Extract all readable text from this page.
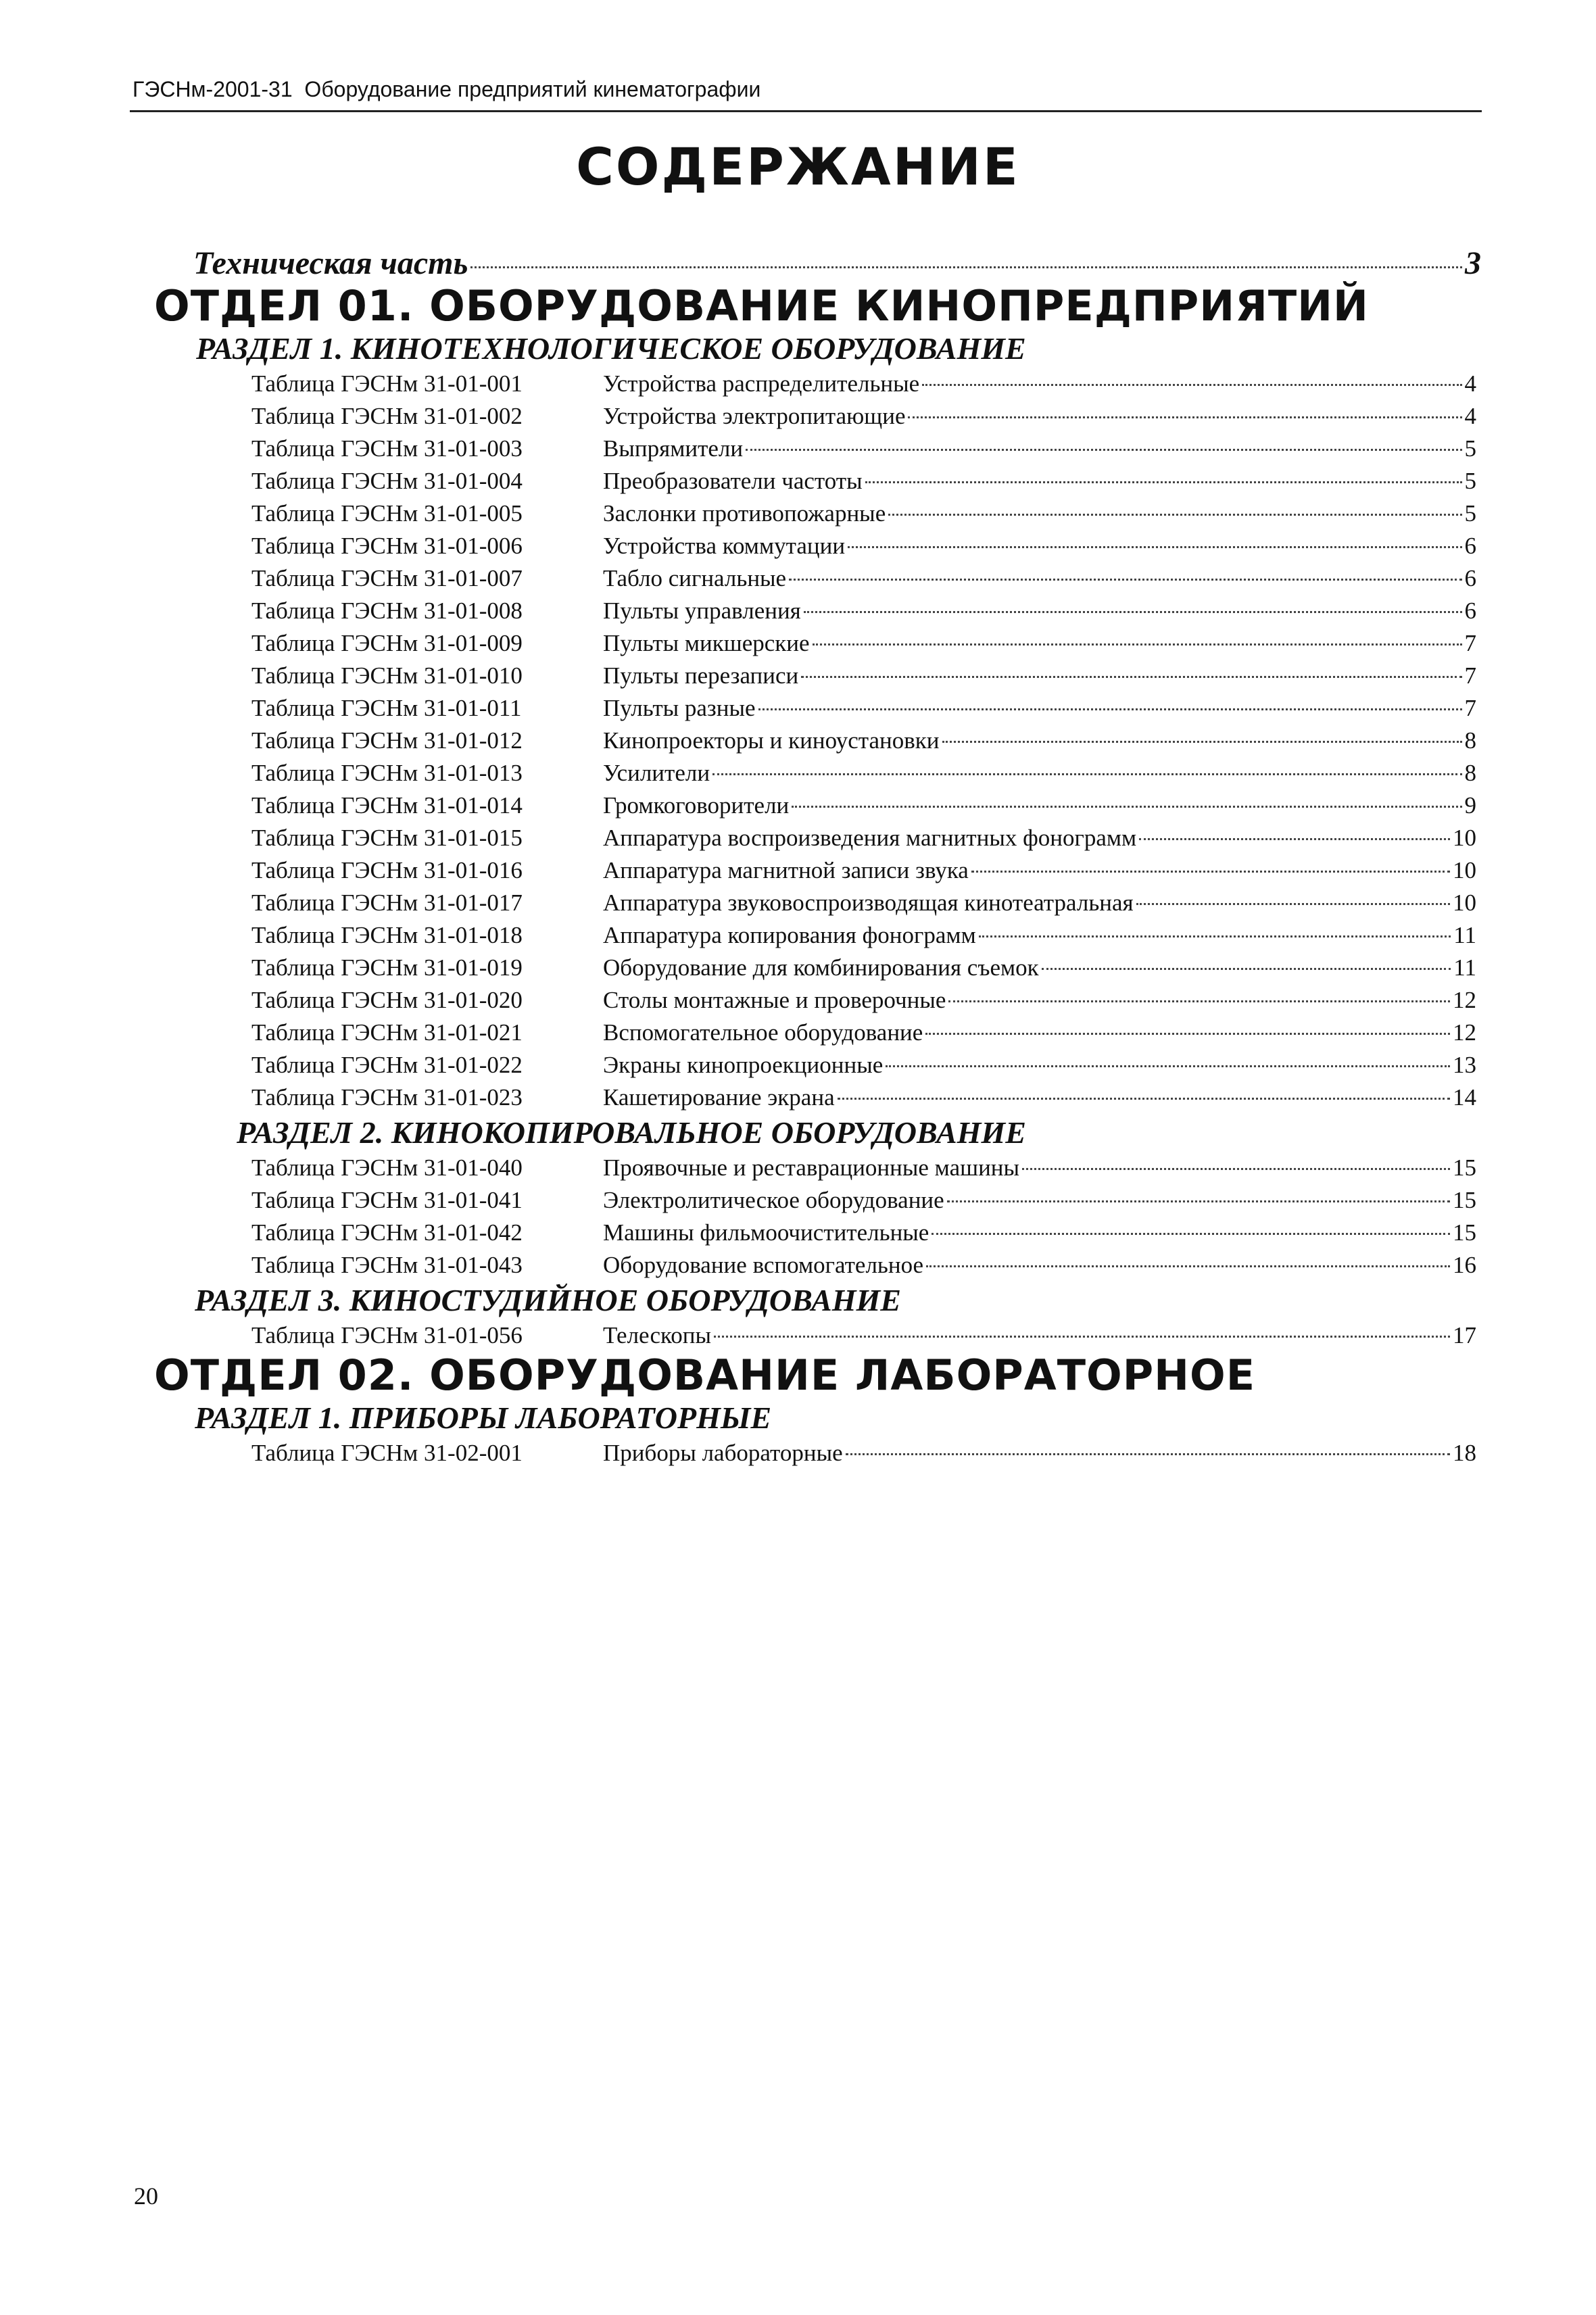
ГЭСНм-2001-31  Оборудование предприятий кинематографии
СОДЕРЖАНИЕ
Техническая часть	3
ОТДЕЛ 01. ОБОРУДОВАНИЕ КИНОПРЕДПРИЯТИЙ
РАЗДЕЛ 1. КИНОТЕХНОЛОГИЧЕСКОЕ ОБОРУДОВАНИЕ
Таблица ГЭСНм 31-01-001	Устройства распределительные	4
Таблица ГЭСНм 31-01-002	Устройства электропитающие	4
Таблица ГЭСНм 31-01-003	Выпрямители	5
Таблица ГЭСНм 31-01-004	Преобразователи частоты	5
Таблица ГЭСНм 31-01-005	Заслонки противопожарные	5
Таблица ГЭСНм 31-01-006	Устройства коммутации	6
Таблица ГЭСНм 31-01-007	Табло сигнальные	6
Таблица ГЭСНм 31-01-008	Пульты управления	6
Таблица ГЭСНм 31-01-009	Пульты микшерские	7
Таблица ГЭСНм 31-01-010	Пульты перезаписи	7
Таблица ГЭСНм 31-01-011	Пульты разные	7
Таблица ГЭСНм 31-01-012	Кинопроекторы и киноустановки	8
Таблица ГЭСНм 31-01-013	Усилители	8
Таблица ГЭСНм 31-01-014	Громкоговорители	9
Таблица ГЭСНм 31-01-015	Аппаратура воспроизведения магнитных фонограмм	10
Таблица ГЭСНм 31-01-016	Аппаратура магнитной записи звука	10
Таблица ГЭСНм 31-01-017	Аппаратура звуковоспроизводящая кинотеатральная	10
Таблица ГЭСНм 31-01-018	Аппаратура копирования фонограмм	11
Таблица ГЭСНм 31-01-019	Оборудование для комбинирования съемок	11
Таблица ГЭСНм 31-01-020	Столы монтажные и проверочные	12
Таблица ГЭСНм 31-01-021	Вспомогательное оборудование	12
Таблица ГЭСНм 31-01-022	Экраны кинопроекционные	13
Таблица ГЭСНм 31-01-023	Кашетирование экрана	14
РАЗДЕЛ 2. КИНОКОПИРОВАЛЬНОЕ ОБОРУДОВАНИЕ
Таблица ГЭСНм 31-01-040	Проявочные и реставрационные машины	15
Таблица ГЭСНм 31-01-041	Электролитическое оборудование	15
Таблица ГЭСНм 31-01-042	Машины фильмоочистительные	15
Таблица ГЭСНм 31-01-043	Оборудование вспомогательное	16
РАЗДЕЛ 3. КИНОСТУДИЙНОЕ ОБОРУДОВАНИЕ
Таблица ГЭСНм 31-01-056	Телескопы	17
ОТДЕЛ 02. ОБОРУДОВАНИЕ ЛАБОРАТОРНОЕ
РАЗДЕЛ 1. ПРИБОРЫ ЛАБОРАТОРНЫЕ
Таблица ГЭСНм 31-02-001	Приборы лабораторные	18
20
